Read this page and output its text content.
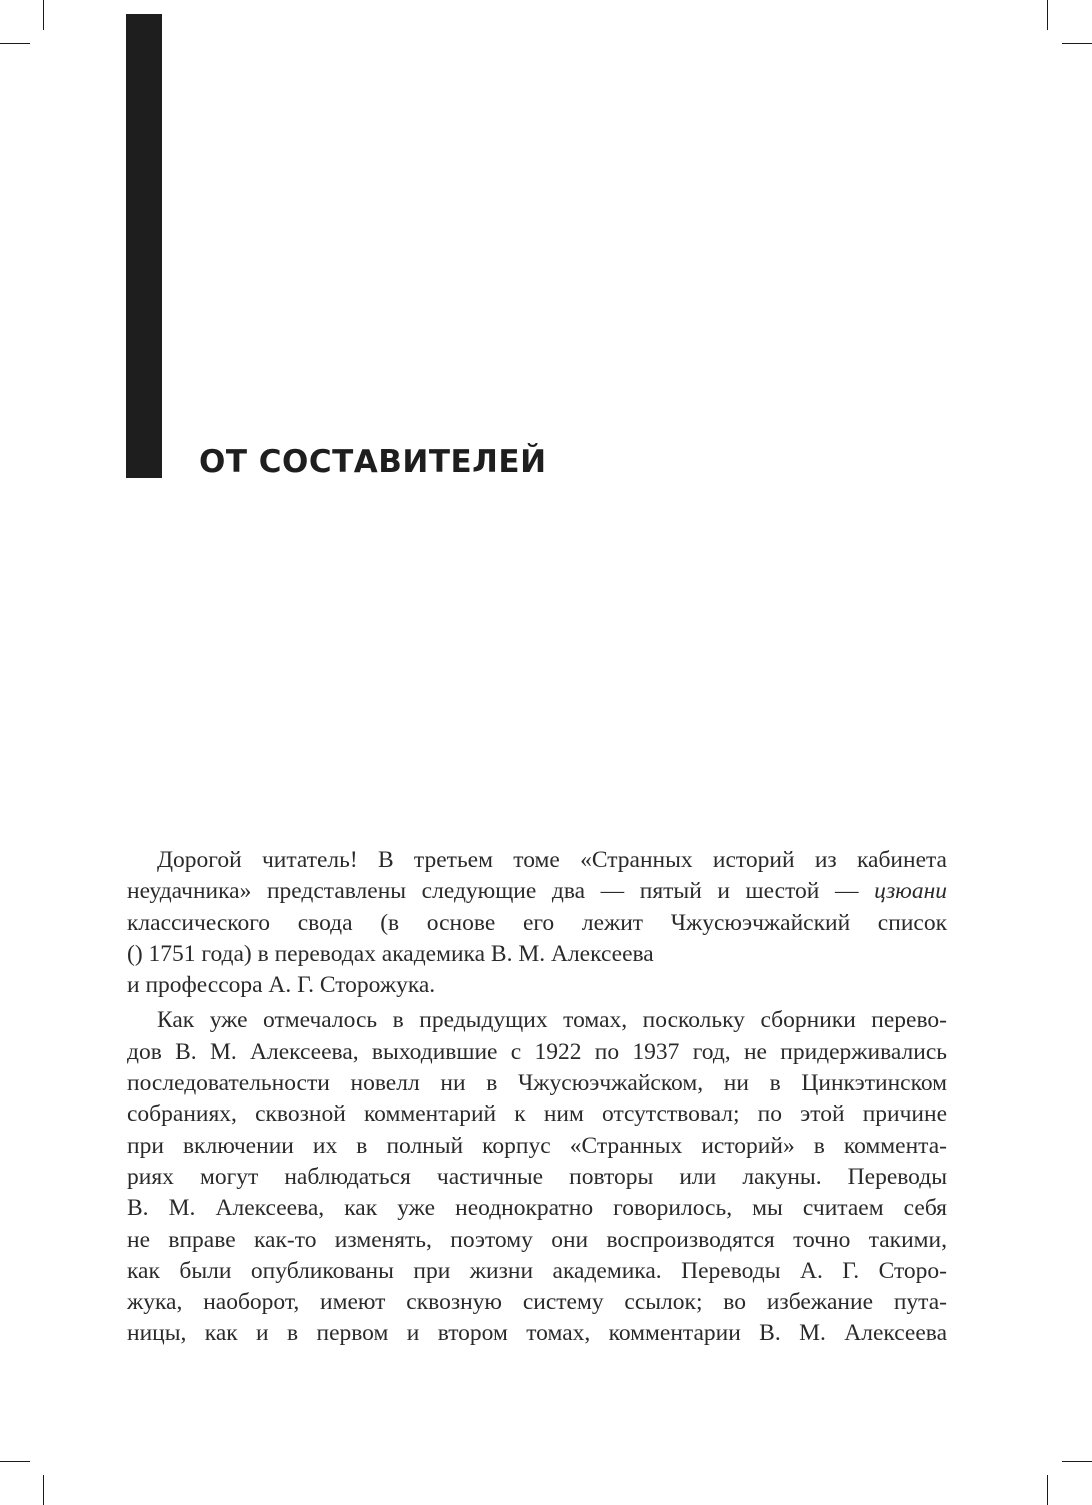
ОТ СОСТАВИТЕЛЕЙ
Дорогой читатель! В третьем томе «Странных историй из кабинета
неудачника» представлены следующие два — пятый и шестой — цзюани
классического свода (в основе его лежит Чжусюэчжайский список
() 1751 года) в переводах академика В. М. Алексеева
и профессора А. Г. Сторожука.
Как уже отмечалось в предыдущих томах, поскольку сборники перево-
дов В. М. Алексеева, выходившие с 1922 по 1937 год, не придерживались
последовательности новелл ни в Чжусюэчжайском, ни в Цинкэтинском
собраниях, сквозной комментарий к ним отсутствовал; по этой причине
при включении их в полный корпус «Странных историй» в коммента-
риях могут наблюдаться частичные повторы или лакуны. Переводы
В. М. Алексеева, как уже неоднократно говорилось, мы считаем себя
не вправе как-то изменять, поэтому они воспроизводятся точно такими,
как были опубликованы при жизни академика. Переводы А. Г. Сторо-
жука, наоборот, имеют сквозную систему ссылок; во избежание пута-
ницы, как и в первом и втором томах, комментарии В. М. Алексеева
